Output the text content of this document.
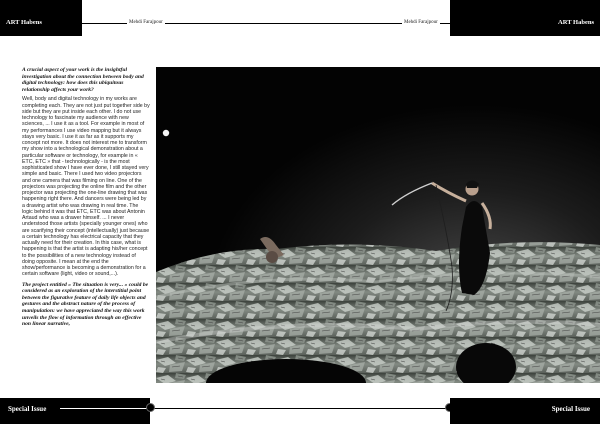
ART Habens	Mehdi Farajpour	Mehdi Farajpour	ART Habens

A crucial aspect of your work is the insightful investigation about the connection between body and digital technology: how does this ubiquitous relationship affects your work?

Well, body and digital technology in my works are completing each. They are not just put together side by side but they are put inside each other. I do not use technology to fascinate my audience with new sciences, ... I use it as a tool. For example in most of my performances I use video mapping but it always stays very basic. I use it as far as it supports my concept not more. It does not interest me to transform my show into a technological demonstration about a particular software or technology, for example in « ETC, ETC » that - technologically - is the most sophisticated show I have ever done, I still stayed very simple and basic. There I used two video projectors and one camera that was filming on line. One of the projectors was projecting the online film and the other projector was projecting the one-line drawing that was happening right there. And dancers were being led by a drawing artist who was drawing in real time. The logic behind it was that ETC, ETC was about Antonin Artaud who was a drawer himself. ... I never understood those artists (specially younger ones) who are scarifying their concept (intellectually) just because a certain technology has electrical capacity that they actually need for their creation. In this case, what is happening is that the artist is adapting his/her concept to the possibilities of a new technology instead of doing opposite. I mean at the end the show/performance is becoming a demonstration for a certain software (light, video or sound,...).

The project entitled « The situation is very... » could be considered as an exploration of the interstitial point between the figurative feature of daily life objects and gestures and the abstract nature of the process of manipulation: we have appreciated the way this work unveils the flow of information through an effective non linear narrative,

Special Issue	Special Issue
